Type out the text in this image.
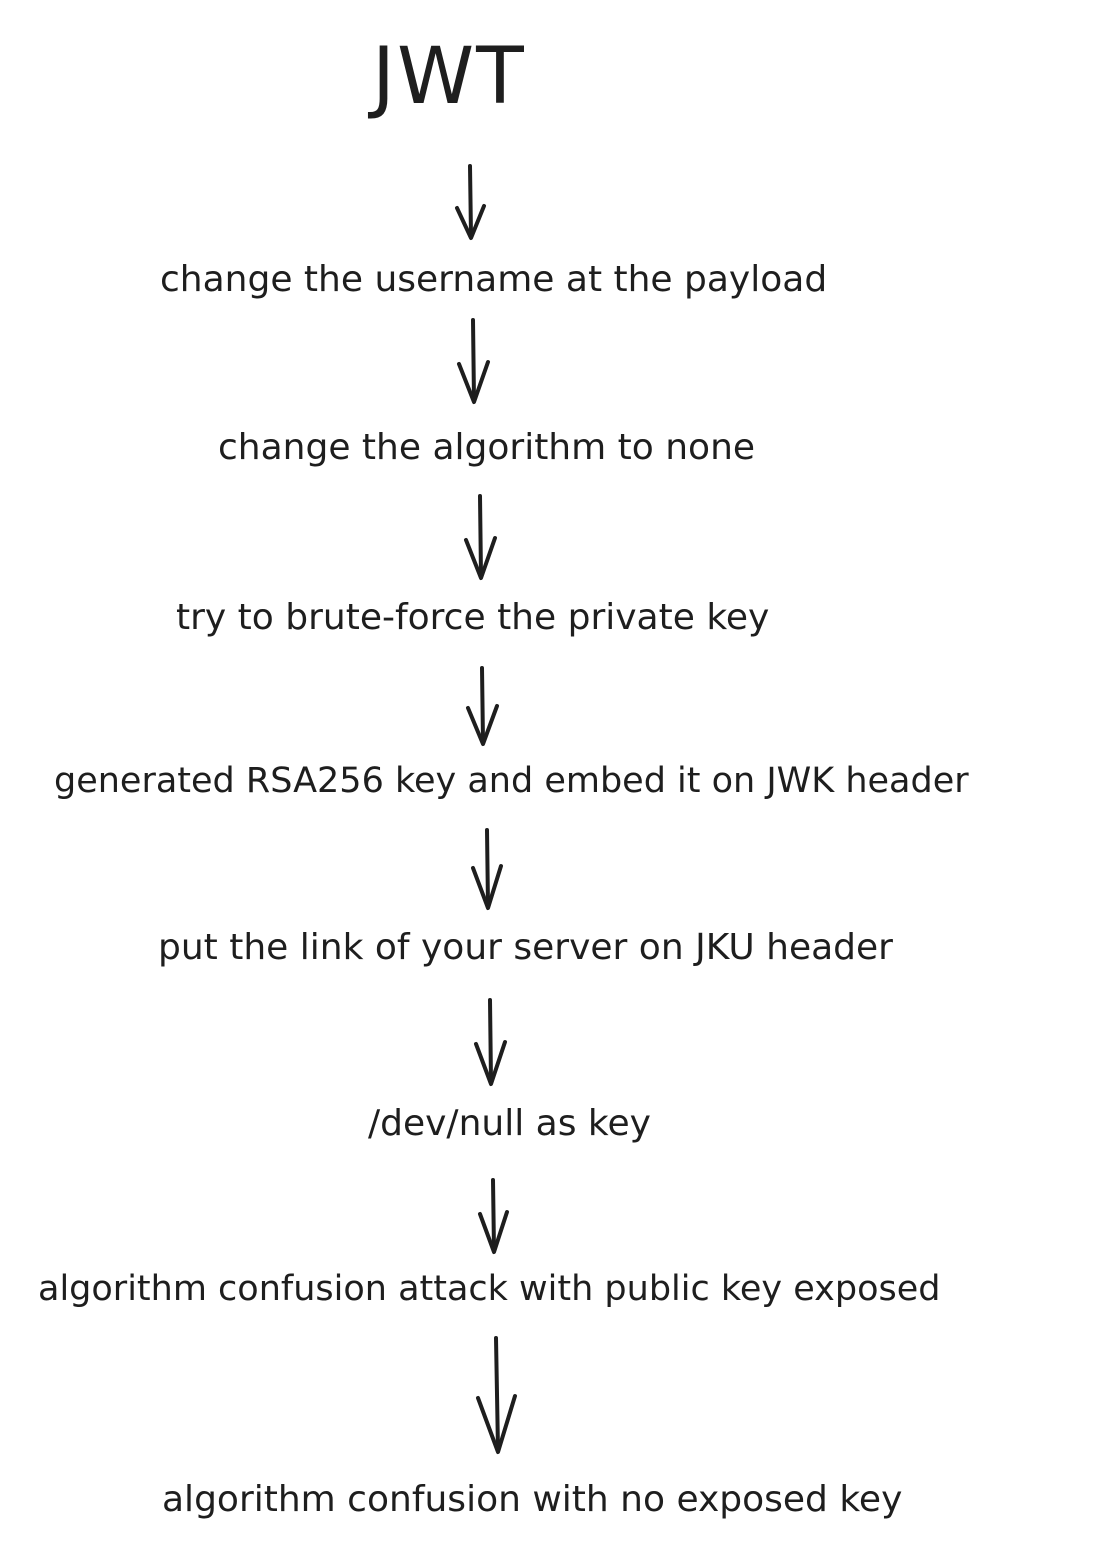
JWT
change the username at the payload
change the algorithm to none
try to brute-force the private key
generated RSA256 key and embed it on JWK header
put the link of your server on JKU header
/dev/null as key
algorithm confusion attack with public key exposed
algorithm confusion with no exposed key
